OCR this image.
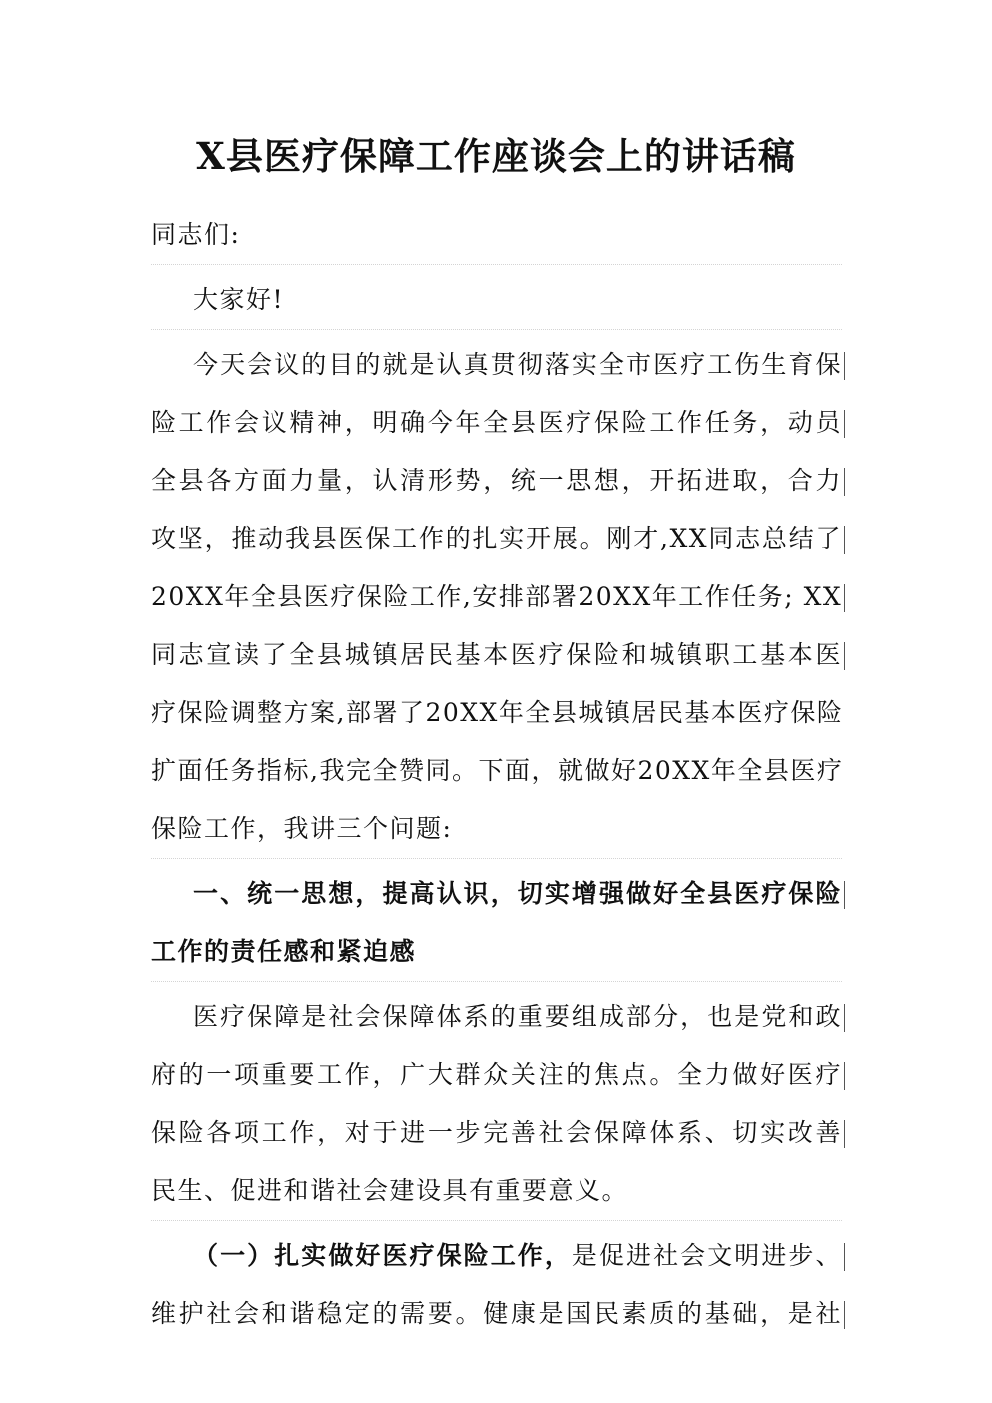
X县医疗保障工作座谈会上的讲话稿
同志们:
大家好!
今天会议的目的就是认真贯彻落实全市医疗工伤生育保
险工作会议精神，明确今年全县医疗保险工作任务，动员
全县各方面力量，认清形势，统一思想，开拓进取，合力
攻坚，推动我县医保工作的扎实开展。刚才,XX同志总结了
20XX年全县医疗保险工作,安排部署20XX年工作任务; XX
同志宣读了全县城镇居民基本医疗保险和城镇职工基本医
疗保险调整方案,部署了20XX年全县城镇居民基本医疗保险
扩面任务指标,我完全赞同。下面，就做好20XX年全县医疗
保险工作，我讲三个问题:
一、统一思想，提高认识，切实增强做好全县医疗保险
工作的责任感和紧迫感
医疗保障是社会保障体系的重要组成部分，也是党和政
府的一项重要工作，广大群众关注的焦点。全力做好医疗
保险各项工作，对于进一步完善社会保障体系、切实改善
民生、促进和谐社会建设具有重要意义。
（一）扎实做好医疗保险工作，是促进社会文明进步、
维护社会和谐稳定的需要。健康是国民素质的基础，是社
